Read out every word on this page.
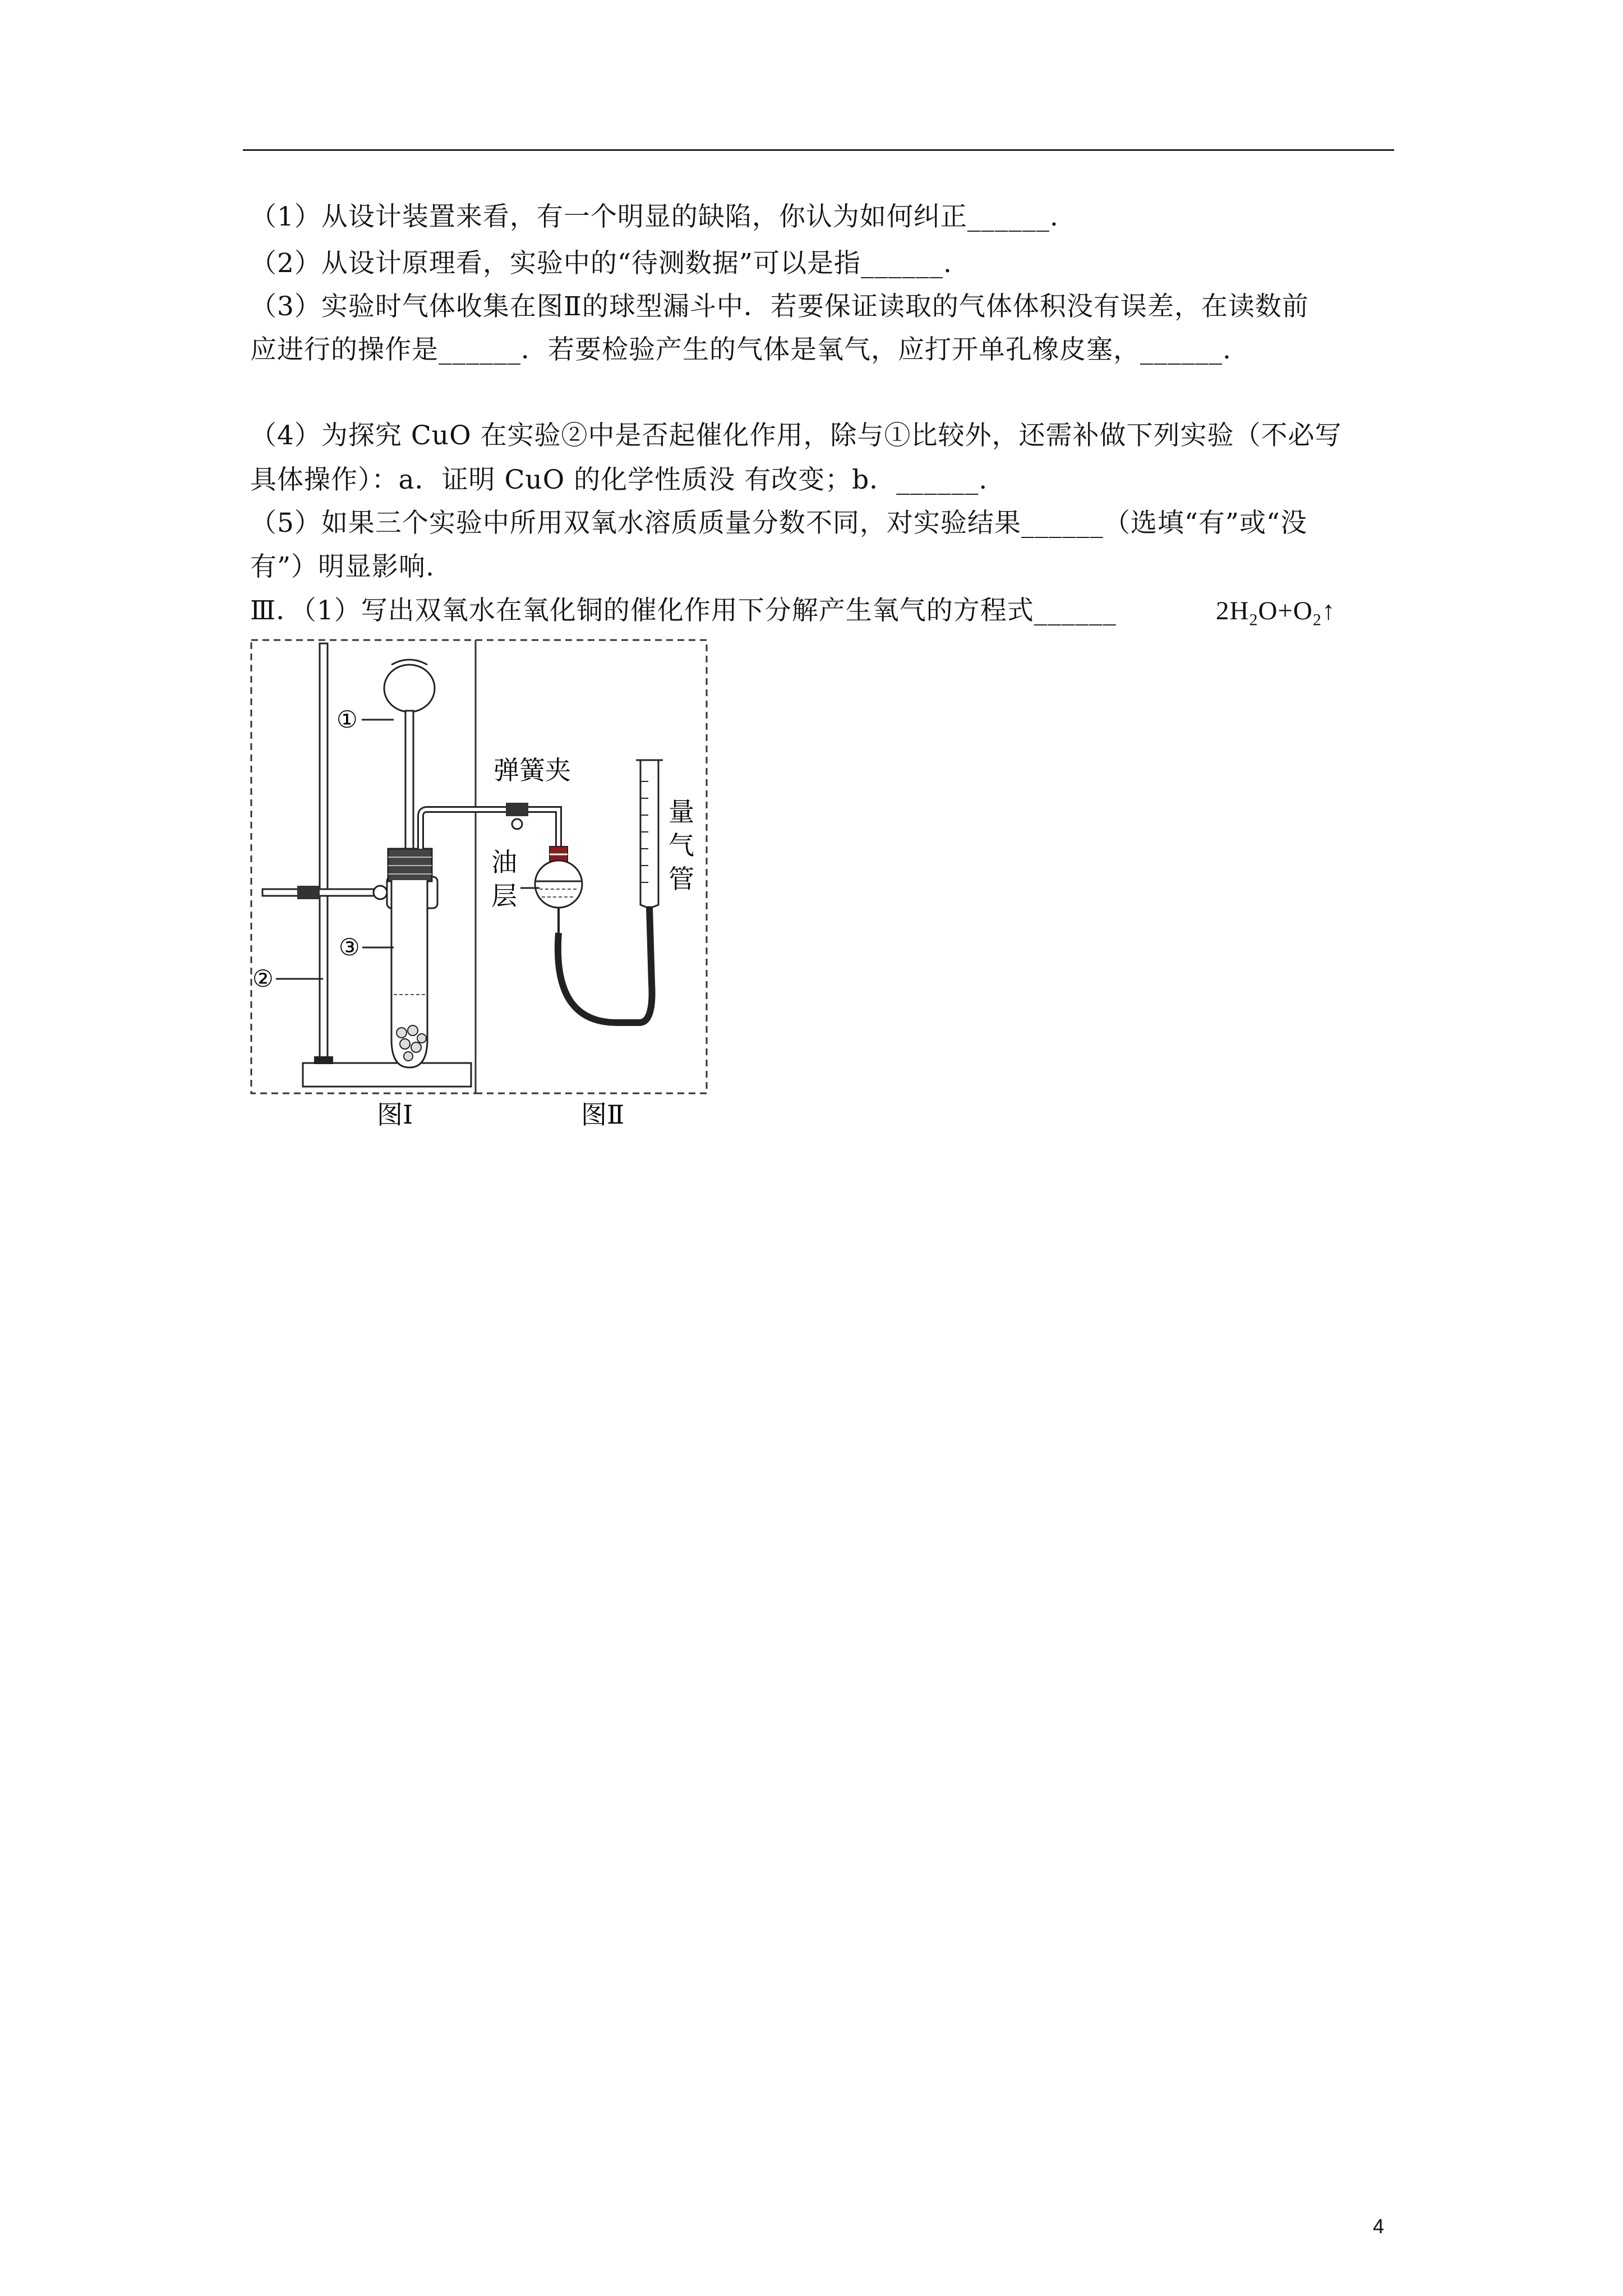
（1）从设计装置来看，有一个明显的缺陷，你认为如何纠正______.
（2）从设计原理看，实验中的“待测数据”可以是指______.
（3）实验时气体收集在图Ⅱ的球型漏斗中．若要保证读取的气体体积没有误差，在读数前
应进行的操作是______．若要检验产生的气体是氧气，应打开单孔橡皮塞，______.
（4）为探究 CuO 在实验②中是否起催化作用，除与①比较外，还需补做下列实验（不必写
具体操作）：a．证明 CuO 的化学性质没 有改变；b．______.
（5）如果三个实验中所用双氧水溶质质量分数不同，对实验结果______（选填“有”或“没
有”）明显影响.
Ⅲ．（1）写出双氧水在氧化铜的催化作用下分解产生氧气的方程式______	$2H_2O+O_2↑$
①
②
③
弹簧夹
油
层
量
气
管
图Ⅰ	图Ⅱ
4
